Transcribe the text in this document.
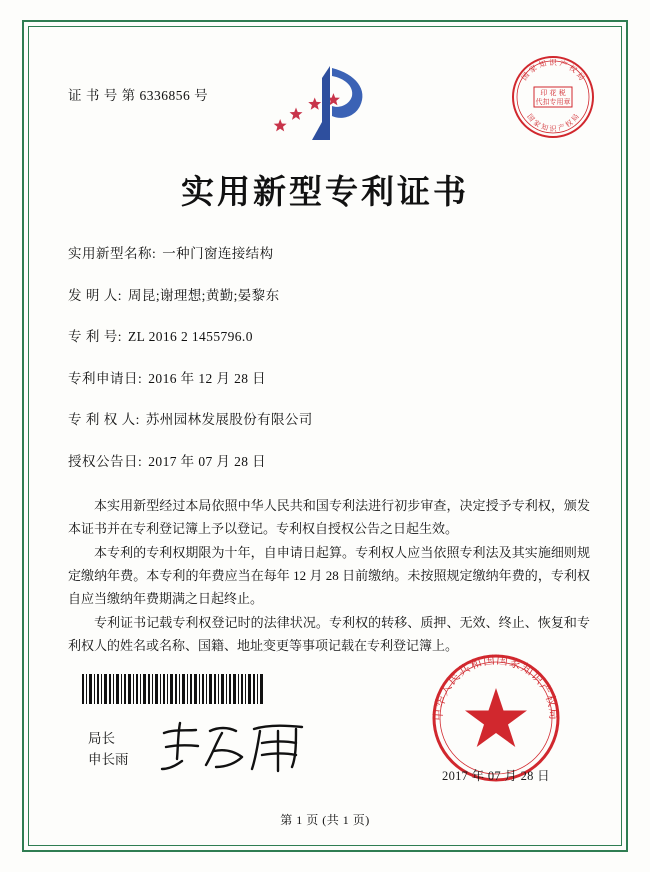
证 书 号 第 6336856 号	印 花 税
代扣专用章
国 家 知 识 产 权 局
国 家 知 识 产 权 局
实用新型专利证书
实用新型名称: 一种门窗连接结构
发 明 人: 周昆;谢理想;黄勤;晏黎东
专 利 号: ZL 2016 2 1455796.0
专利申请日: 2016 年 12 月 28 日
专 利 权 人: 苏州园林发展股份有限公司
授权公告日: 2017 年 07 月 28 日

本实用新型经过本局依照中华人民共和国专利法进行初步审查，决定授予专利权，颁发本证书并在专利登记簿上予以登记。专利权自授权公告之日起生效。

本专利的专利权期限为十年，自申请日起算。专利权人应当依照专利法及其实施细则规定缴纳年费。本专利的年费应当在每年 12 月 28 日前缴纳。未按照规定缴纳年费的，专利权自应当缴纳年费期满之日起终止。

专利证书记载专利权登记时的法律状况。专利权的转移、质押、无效、终止、恢复和专利权人的姓名或名称、国籍、地址变更等事项记载在专利登记簿上。

局长
申长雨
中华人民共和国国家知识产权局
2017 年 07 月 28 日
第 1 页 (共 1 页)
